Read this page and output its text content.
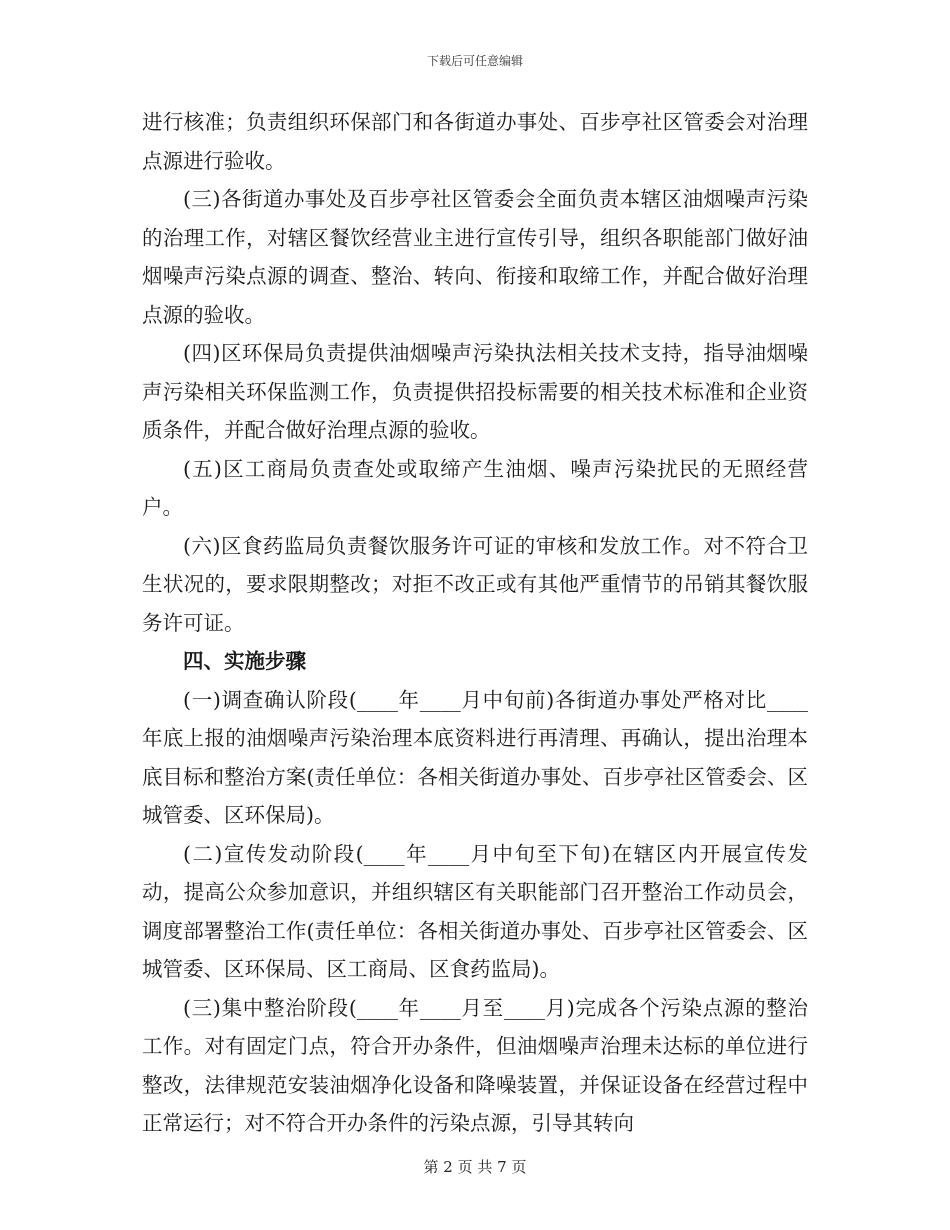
下载后可任意编辑

进行核准；负责组织环保部门和各街道办事处、百步亭社区管委会对治理点源进行验收。

(三)各街道办事处及百步亭社区管委会全面负责本辖区油烟噪声污染的治理工作，对辖区餐饮经营业主进行宣传引导，组织各职能部门做好油烟噪声污染点源的调查、整治、转向、衔接和取缔工作，并配合做好治理点源的验收。

(四)区环保局负责提供油烟噪声污染执法相关技术支持，指导油烟噪声污染相关环保监测工作，负责提供招投标需要的相关技术标准和企业资质条件，并配合做好治理点源的验收。

(五)区工商局负责查处或取缔产生油烟、噪声污染扰民的无照经营户。

(六)区食药监局负责餐饮服务许可证的审核和发放工作。对不符合卫生状况的，要求限期整改；对拒不改正或有其他严重情节的吊销其餐饮服务许可证。

四、实施步骤

(一)调查确认阶段(____年____月中旬前)各街道办事处严格对比____年底上报的油烟噪声污染治理本底资料进行再清理、再确认，提出治理本底目标和整治方案(责任单位：各相关街道办事处、百步亭社区管委会、区城管委、区环保局)。

(二)宣传发动阶段(____年____月中旬至下旬)在辖区内开展宣传发动，提高公众参加意识，并组织辖区有关职能部门召开整治工作动员会，调度部署整治工作(责任单位：各相关街道办事处、百步亭社区管委会、区城管委、区环保局、区工商局、区食药监局)。

(三)集中整治阶段(____年____月至____月)完成各个污染点源的整治工作。对有固定门点，符合开办条件，但油烟噪声治理未达标的单位进行整改，法律规范安装油烟净化设备和降噪装置，并保证设备在经营过程中正常运行；对不符合开办条件的污染点源，引导其转向

第 2 页 共 7 页
